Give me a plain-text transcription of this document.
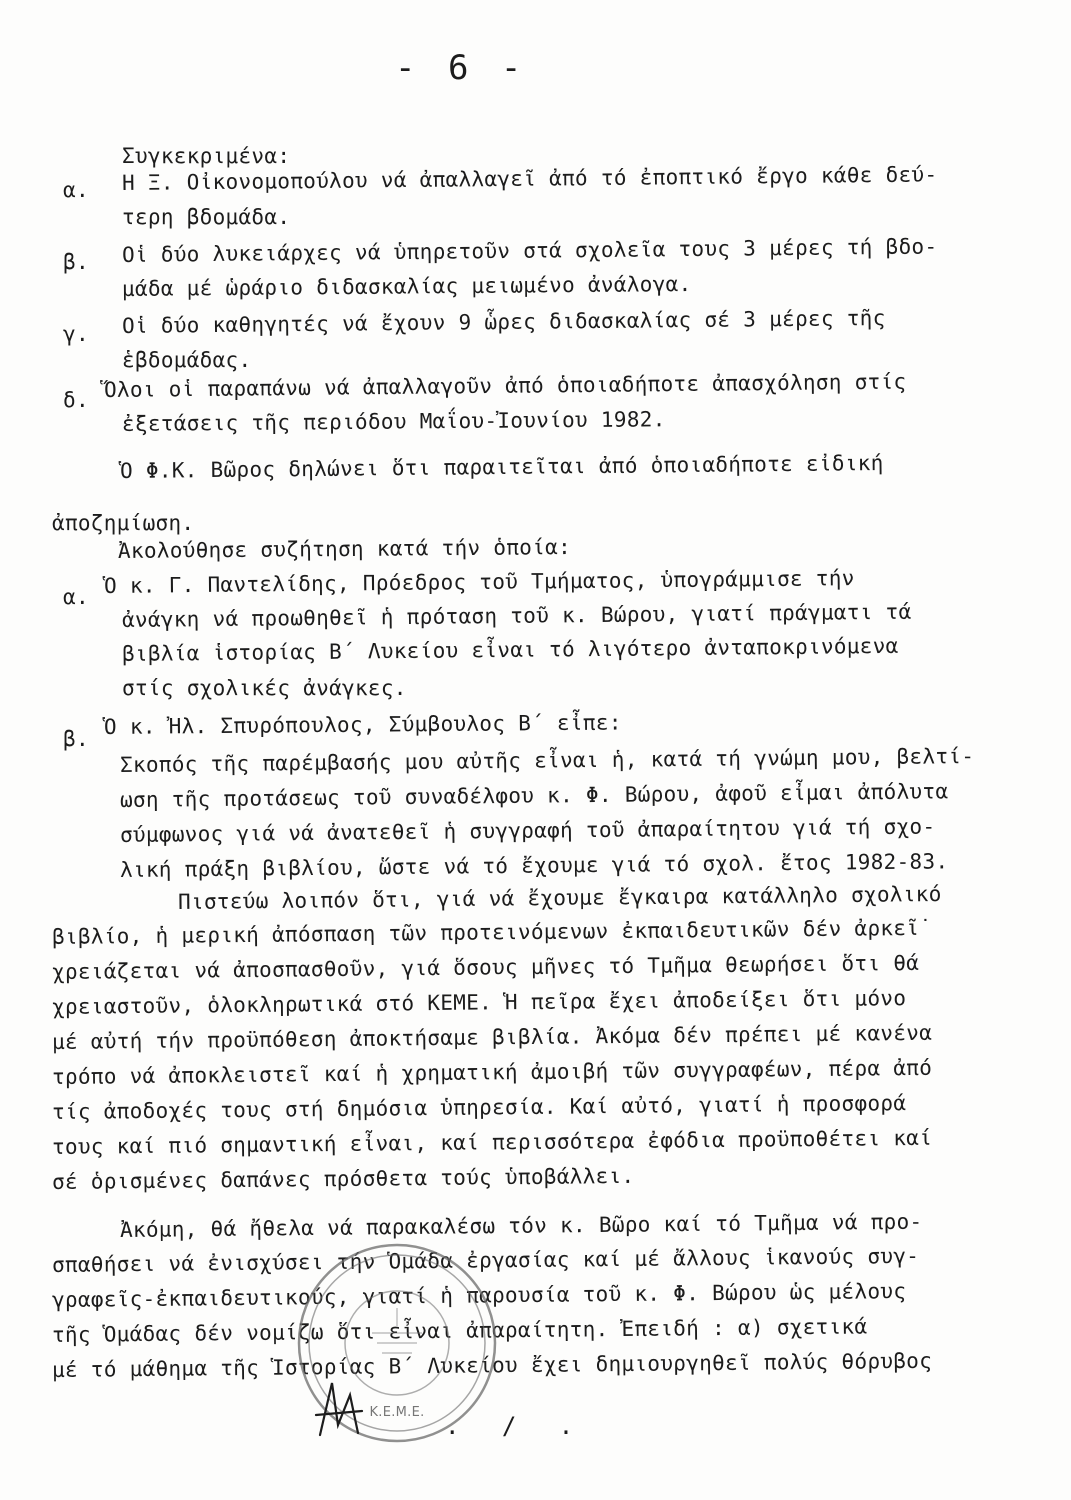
- 6 -
Συγκεκριμένα:
α. Η Ξ. Οἰκονομοπούλου νά ἀπαλλαγεῖ ἀπό τό ἐποπτικό ἔργο κάθε δεύ-
τερη βδομάδα.
β. Οἱ δύο λυκειάρχες νά ὑπηρετοῦν στά σχολεῖα τους 3 μέρες τή βδο-
μάδα μέ ὡράριο διδασκαλίας μειωμένο ἀνάλογα.
γ. Οἱ δύο καθηγητές νά ἔχουν 9 ὧρες διδασκαλίας σέ 3 μέρες τῆς
ἑβδομάδας.
δ. Ὅλοι οἱ παραπάνω νά ἀπαλλαγοῦν ἀπό ὁποιαδήποτε ἀπασχόληση στίς
ἐξετάσεις τῆς περιόδου Μαΐου-Ἰουνίου 1982.
Ὁ Φ.Κ. Βῶρος δηλώνει ὅτι παραιτεῖται ἀπό ὁποιαδήποτε εἰδική
ἀποζημίωση.
Ἀκολούθησε συζήτηση κατά τήν ὁποία:
α. Ὁ κ. Γ. Παντελίδης, Πρόεδρος τοῦ Τμήματος, ὑπογράμμισε τήν
ἀνάγκη νά προωθηθεῖ ἡ πρόταση τοῦ κ. Βώρου, γιατί πράγματι τά
βιβλία ἱστορίας Β΄ Λυκείου εἶναι τό λιγότερο ἀνταποκρινόμενα
στίς σχολικές ἀνάγκες.
β.
Ὁ κ. Ἠλ. Σπυρόπουλος, Σύμβουλος Β΄ εἶπε:
Σκοπός τῆς παρέμβασής μου αὐτῆς εἶναι ἡ, κατά τή γνώμη μου, βελτί-
ωση τῆς προτάσεως τοῦ συναδέλφου κ. Φ. Βώρου, ἀφοῦ εἶμαι ἀπόλυτα
σύμφωνος γιά νά ἀνατεθεῖ ἡ συγγραφή τοῦ ἀπαραίτητου γιά τή σχο-
λική πράξη βιβλίου, ὥστε νά τό ἔχουμε γιά τό σχολ. ἔτος 1982-83.
Πιστεύω λοιπόν ὅτι, γιά νά ἔχουμε ἔγκαιρα κατάλληλο σχολικό
βιβλίο, ἡ μερική ἀπόσπαση τῶν προτεινόμενων ἐκπαιδευτικῶν δέν ἀρκεῖ˙
χρειάζεται νά ἀποσπασθοῦν, γιά ὅσους μῆνες τό Τμῆμα θεωρήσει ὅτι θά
χρειαστοῦν, ὁλοκληρωτικά στό ΚΕΜΕ. Ἡ πεῖρα ἔχει ἀποδείξει ὅτι μόνο
μέ αὐτή τήν προϋπόθεση ἀποκτήσαμε βιβλία. Ἀκόμα δέν πρέπει μέ κανένα
τρόπο νά ἀποκλειστεῖ καί ἡ χρηματική ἀμοιβή τῶν συγγραφέων, πέρα ἀπό
τίς ἀποδοχές τους στή δημόσια ὑπηρεσία. Καί αὐτό, γιατί ἡ προσφορά
τους καί πιό σημαντική εἶναι, καί περισσότερα ἐφόδια προϋποθέτει καί
σέ ὁρισμένες δαπάνες πρόσθετα τούς ὑποβάλλει.
Ἀκόμη, θά ἤθελα νά παρακαλέσω τόν κ. Βῶρο καί τό Τμῆμα νά προ-
σπαθήσει νά ἐνισχύσει τήν Ὁμάδα ἐργασίας καί μέ ἄλλους ἱκανούς συγ-
γραφεῖς-ἐκπαιδευτικούς, γιατί ἡ παρουσία τοῦ κ. Φ. Βώρου ὡς μέλους
τῆς Ὁμάδας δέν νομίζω ὅτι εἶναι ἀπαραίτητη. Ἐπειδή : α) σχετικά
μέ τό μάθημα τῆς Ἱστορίας Β΄ Λυκείου ἔχει δημιουργηθεῖ πολύς θόρυβος
Κ.Ε.Μ.Ε. . / .
